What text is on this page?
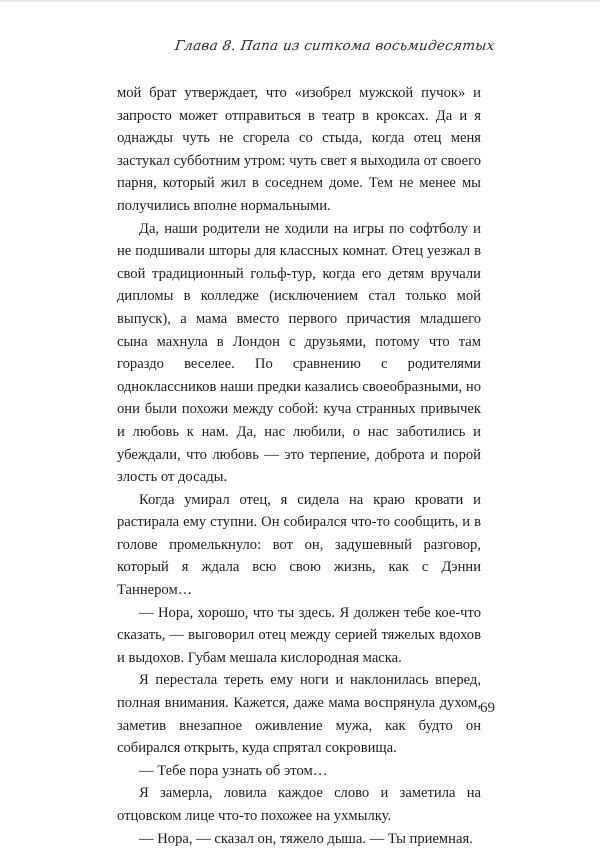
Глава 8. Папа из ситкома восьмидесятых

мой брат утверждает, что «изобрел мужской пучок» и запросто может отправиться в театр в кроксах. Да и я однажды чуть не сгорела со стыда, когда отец меня застукал субботним утром: чуть свет я выходила от своего парня, который жил в соседнем доме. Тем не менее мы получились вполне нормальными.

Да, наши родители не ходили на игры по софтболу и не подшивали шторы для классных комнат. Отец уезжал в свой традиционный гольф-тур, когда его детям вручали дипломы в колледже (исключением стал только мой выпуск), а мама вместо первого причастия младшего сына махнула в Лондон с друзьями, потому что там гораздо веселее. По сравнению с родителями одноклассников наши предки казались своеобразными, но они были похожи между собой: куча странных привычек и любовь к нам. Да, нас любили, о нас заботились и убеждали, что любовь — это терпение, доброта и порой злость от досады.

Когда умирал отец, я сидела на краю кровати и растирала ему ступни. Он собирался что-то сообщить, и в голове промелькнуло: вот он, задушевный разговор, который я ждала всю свою жизнь, как с Дэнни Таннером…

— Нора, хорошо, что ты здесь. Я должен тебе кое-что сказать, — выговорил отец между серией тяжелых вдохов и выдохов. Губам мешала кислородная маска.

Я перестала тереть ему ноги и наклонилась вперед, полная внимания. Кажется, даже мама воспрянула духом, заметив внезапное оживление мужа, как будто он собирался открыть, куда спрятал сокровища.

— Тебе пора узнать об этом…

Я замерла, ловила каждое слово и заметила на отцовском лице что-то похожее на ухмылку.

— Нора, — сказал он, тяжело дыша. — Ты приемная.

69
